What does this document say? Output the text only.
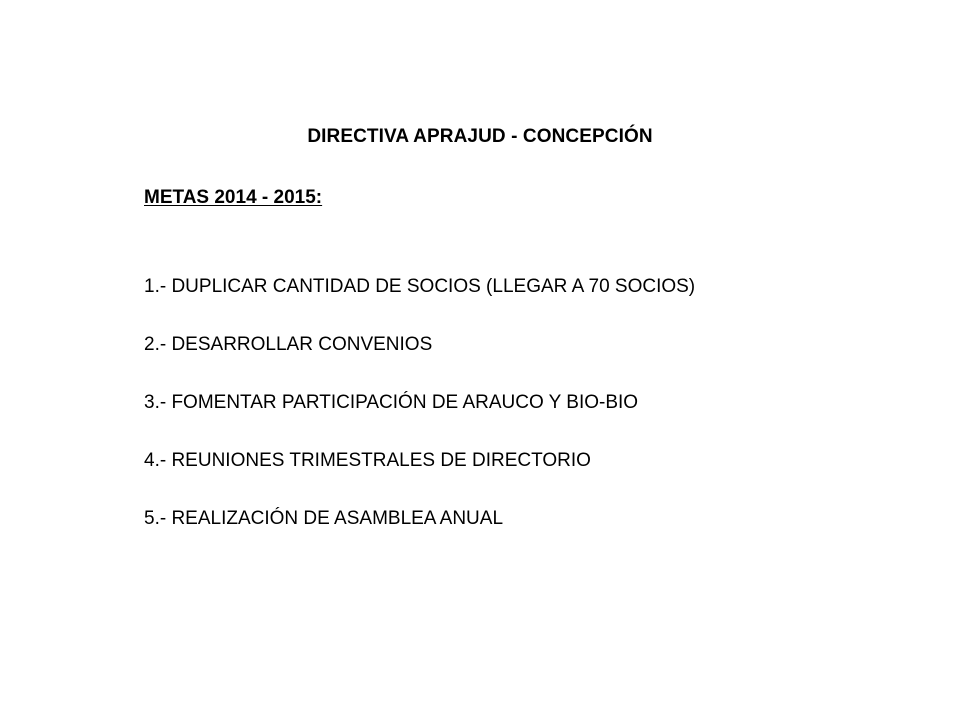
DIRECTIVA APRAJUD - CONCEPCIÓN
METAS 2014 - 2015:
1.- DUPLICAR CANTIDAD DE SOCIOS (LLEGAR A 70 SOCIOS)
2.- DESARROLLAR CONVENIOS
3.- FOMENTAR PARTICIPACIÓN DE ARAUCO Y BIO-BIO
4.- REUNIONES TRIMESTRALES DE DIRECTORIO
5.- REALIZACIÓN DE ASAMBLEA ANUAL
